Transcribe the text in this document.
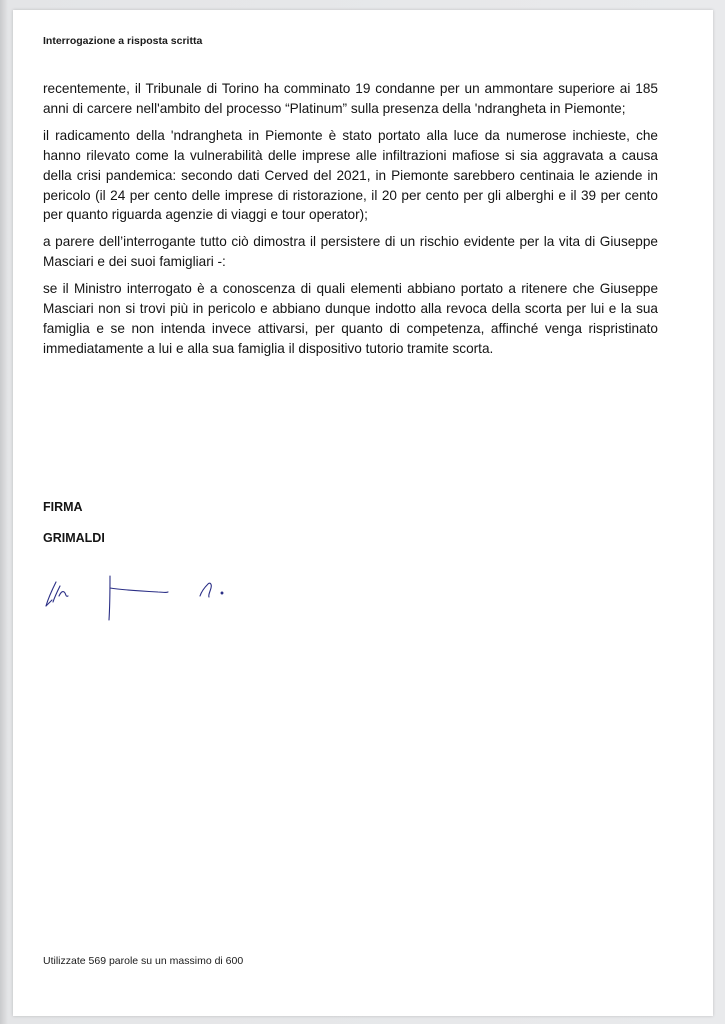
Interrogazione a risposta scritta

recentemente, il Tribunale di Torino ha comminato 19 condanne per un ammontare superiore ai 185 anni di carcere nell'ambito del processo “Platinum” sulla presenza della 'ndrangheta in Piemonte;

il radicamento della 'ndrangheta in Piemonte è stato portato alla luce da numerose inchieste, che hanno rilevato come la vulnerabilità delle imprese alle infiltrazioni mafiose si sia aggravata a causa della crisi pandemica: secondo dati Cerved del 2021, in Piemonte sarebbero centinaia le aziende in pericolo (il 24 per cento delle imprese di ristorazione, il 20 per cento per gli alberghi e il 39 per cento per quanto riguarda agenzie di viaggi e tour operator);

a parere dell’interrogante tutto ciò dimostra il persistere di un rischio evidente per la vita di Giuseppe Masciari e dei suoi famigliari -:

se il Ministro interrogato è a conoscenza di quali elementi abbiano portato a ritenere che Giuseppe Masciari non si trovi più in pericolo e abbiano dunque indotto alla revoca della scorta per lui e la sua famiglia e se non intenda invece attivarsi, per quanto di competenza, affinché venga rispristinato immediatamente a lui e alla sua famiglia il dispositivo tutorio tramite scorta.

FIRMA
GRIMALDI
Utilizzate 569 parole su un massimo di 600
